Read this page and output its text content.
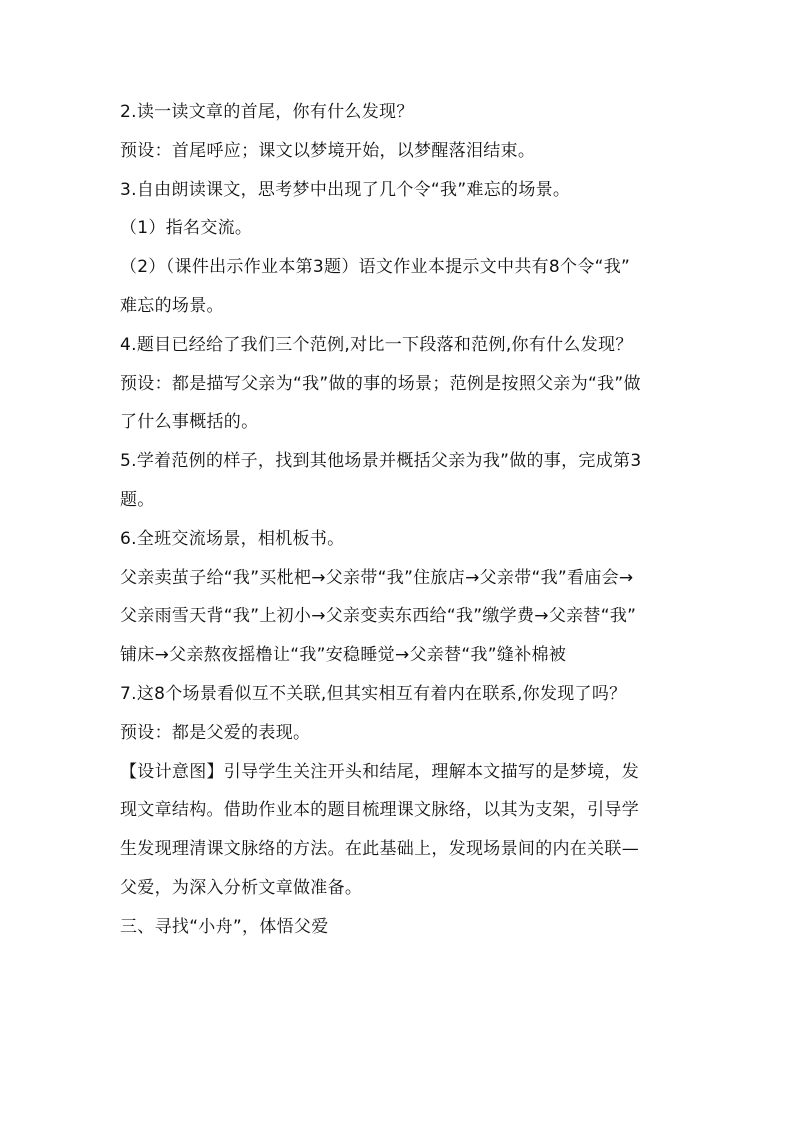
2.读一读文章的首尾，你有什么发现？
预设：首尾呼应；课文以梦境开始，以梦醒落泪结束。
3.自由朗读课文，思考梦中出现了几个令“我”难忘的场景。
（1）指名交流。
（2）（课件出示作业本第3题）语文作业本提示文中共有8个令“我”
难忘的场景。
4.题目已经给了我们三个范例,对比一下段落和范例,你有什么发现？
预设：都是描写父亲为“我”做的事的场景；范例是按照父亲为“我”做
了什么事概括的。
5.学着范例的样子，找到其他场景并概括父亲为我”做的事，完成第3
题。
6.全班交流场景，相机板书。
父亲卖茧子给“我”买枇杷→父亲带“我”住旅店→父亲带“我”看庙会→
父亲雨雪天背“我”上初小→父亲变卖东西给“我”缴学费→父亲替“我”
铺床→父亲熬夜摇橹让“我”安稳睡觉→父亲替“我”缝补棉被
7.这8个场景看似互不关联,但其实相互有着内在联系,你发现了吗？
预设：都是父爱的表现。
【设计意图】引导学生关注开头和结尾，理解本文描写的是梦境，发
现文章结构。借助作业本的题目梳理课文脉络，以其为支架，引导学
生发现理清课文脉络的方法。在此基础上，发现场景间的内在关联—
父爱，为深入分析文章做准备。
三、寻找“小舟”，体悟父爱
